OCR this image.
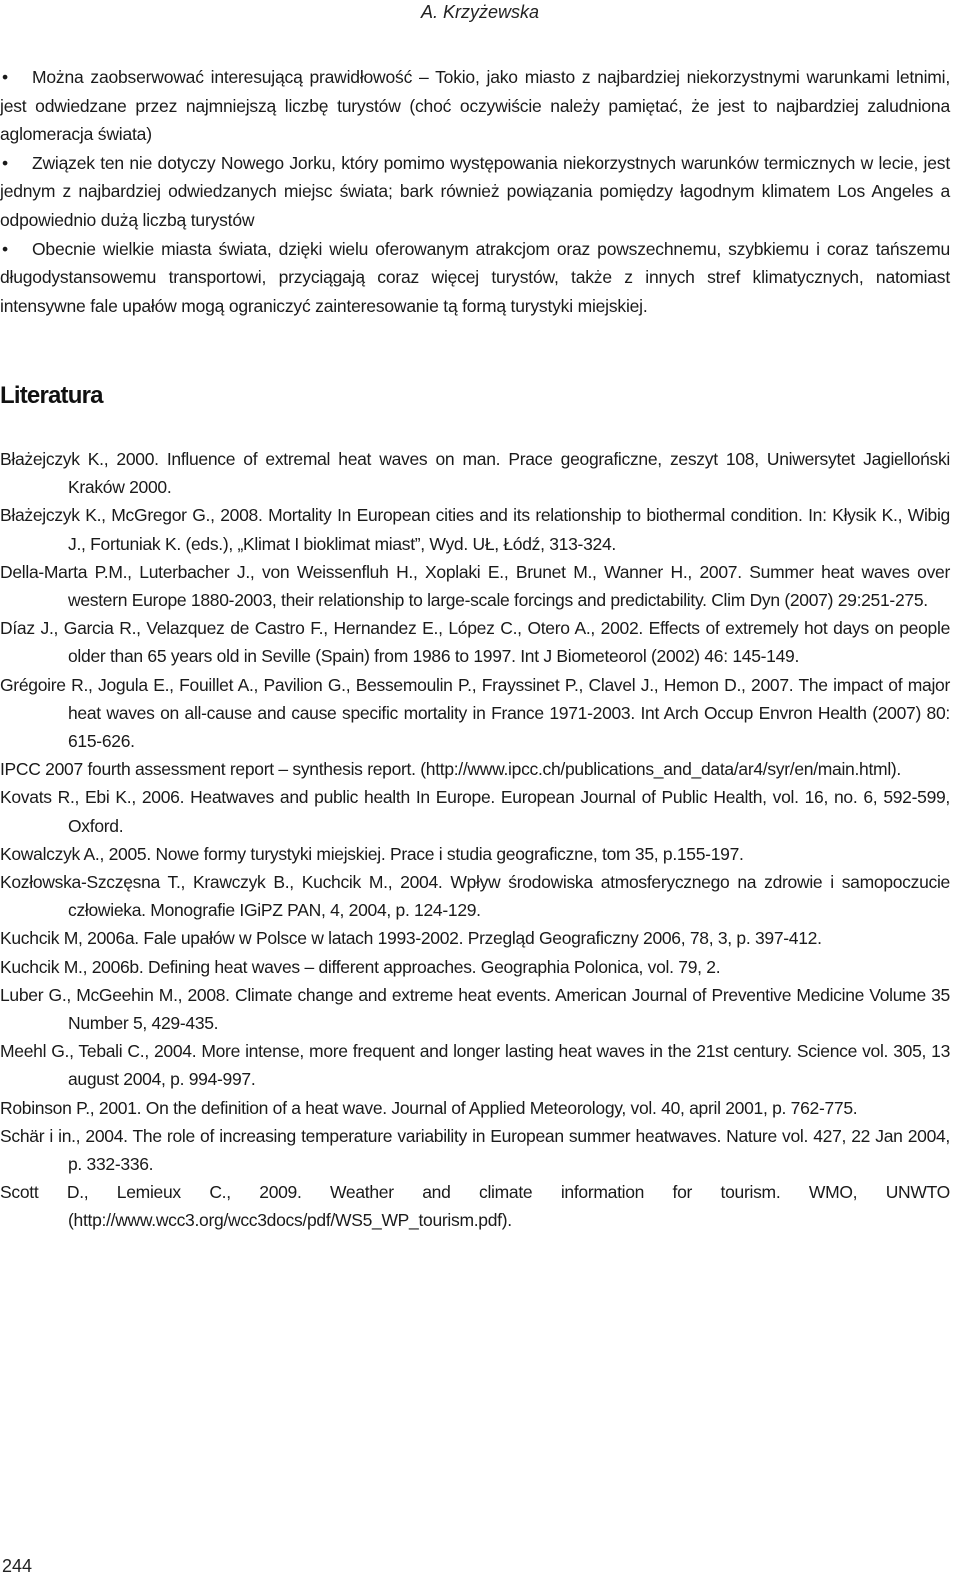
A. Krzyżewska

• Można zaobserwować interesującą prawidłowość – Tokio, jako miasto z najbardziej niekorzystnymi warunkami letnimi, jest odwiedzane przez najmniejszą liczbę turystów (choć oczywiście należy pamiętać, że jest to najbardziej zaludniona aglomeracja świata)

• Związek ten nie dotyczy Nowego Jorku, który pomimo występowania niekorzystnych warunków termicznych w lecie, jest jednym z najbardziej odwiedzanych miejsc świata; bark również powiązania pomiędzy łagodnym klimatem Los Angeles a odpowiednio dużą liczbą turystów

• Obecnie wielkie miasta świata, dzięki wielu oferowanym atrakcjom oraz powszechnemu, szybkiemu i coraz tańszemu długodystansowemu transportowi, przyciągają coraz więcej turystów, także z innych stref klimatycznych, natomiast intensywne fale upałów mogą ograniczyć zainteresowanie tą formą turystyki miejskiej.

Literatura

Błażejczyk K., 2000. Influence of extremal heat waves on man. Prace geograficzne, zeszyt 108, Uniwersytet Jagielloński Kraków 2000.

Błażejczyk K., McGregor G., 2008. Mortality In European cities and its relationship to biothermal condition. In: Kłysik K., Wibig J., Fortuniak K. (eds.), „Klimat I bioklimat miast”, Wyd. UŁ, Łódź, 313-324.

Della-Marta P.M., Luterbacher J., von Weissenfluh H., Xoplaki E., Brunet M., Wanner H., 2007. Summer heat waves over western Europe 1880-2003, their relationship to large-scale forcings and predictability. Clim Dyn (2007) 29:251-275.

Díaz J., Garcia R., Velazquez de Castro F., Hernandez E., López C., Otero A., 2002. Effects of extremely hot days on people older than 65 years old in Seville (Spain) from 1986 to 1997. Int J Biometeorol (2002) 46: 145-149.

Grégoire R., Jogula E., Fouillet A., Pavilion G., Bessemoulin P., Frayssinet P., Clavel J., Hemon D., 2007. The impact of major heat waves on all-cause and cause specific mortality in France 1971-2003. Int Arch Occup Envron Health (2007) 80: 615-626.

IPCC 2007 fourth assessment report – synthesis report. (http://www.ipcc.ch/publications_and_data/ar4/syr/en/main.html).

Kovats R., Ebi K., 2006. Heatwaves and public health In Europe. European Journal of Public Health, vol. 16, no. 6, 592-599, Oxford.

Kowalczyk A., 2005. Nowe formy turystyki miejskiej. Prace i studia geograficzne, tom 35, p.155-197.

Kozłowska-Szczęsna T., Krawczyk B., Kuchcik M., 2004. Wpływ środowiska atmosferycznego na zdrowie i samopoczucie człowieka. Monografie IGiPZ PAN, 4, 2004, p. 124-129.

Kuchcik M, 2006a. Fale upałów w Polsce w latach 1993-2002. Przegląd Geograficzny 2006, 78, 3, p. 397-412.

Kuchcik M., 2006b. Defining heat waves – different approaches. Geographia Polonica, vol. 79, 2.

Luber G., McGeehin M., 2008. Climate change and extreme heat events. American Journal of Preventive Medicine Volume 35 Number 5, 429-435.

Meehl G., Tebali C., 2004. More intense, more frequent and longer lasting heat waves in the 21st century. Science vol. 305, 13 august 2004, p. 994-997.

Robinson P., 2001. On the definition of a heat wave. Journal of Applied Meteorology, vol. 40, april 2001, p. 762-775.

Schär i in., 2004. The role of increasing temperature variability in European summer heatwaves. Nature vol. 427, 22 Jan 2004, p. 332-336.

Scott D., Lemieux C., 2009. Weather and climate information for tourism. WMO, UNWTO (http://www.wcc3.org/wcc3docs/pdf/WS5_WP_tourism.pdf).

244
